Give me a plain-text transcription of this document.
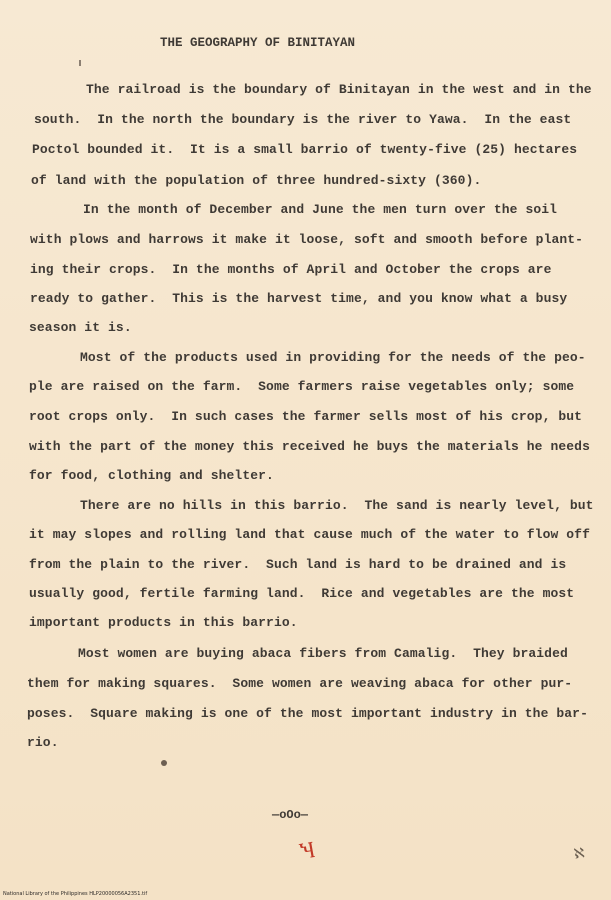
THE GEOGRAPHY OF BINITAYAN
The railroad is the boundary of Binitayan in the west and in the
south.  In the north the boundary is the river to Yawa.  In the east
Poctol bounded it.  It is a small barrio of twenty-five (25) hectares
of land with the population of three hundred-sixty (360).
In the month of December and June the men turn over the soil
with plows and harrows it make it loose, soft and smooth before plant-
ing their crops.  In the months of April and October the crops are
ready to gather.  This is the harvest time, and you know what a busy
season it is.
Most of the products used in providing for the needs of the peo-
ple are raised on the farm.  Some farmers raise vegetables only; some
root crops only.  In such cases the farmer sells most of his crop, but
with the part of the money this received he buys the materials he needs
for food, clothing and shelter.
There are no hills in this barrio.  The sand is nearly level, but
it may slopes and rolling land that cause much of the water to flow off
from the plain to the river.  Such land is hard to be drained and is
usually good, fertile farming land.  Rice and vegetables are the most
important products in this barrio.
Most women are buying abaca fibers from Camalig.  They braided
them for making squares.  Some women are weaving abaca for other pur-
poses.  Square making is one of the most important industry in the bar-
rio.
—oOo—
Ⴏ	ℵ
National Library of the Philippines HLP20000056A2351.tif
